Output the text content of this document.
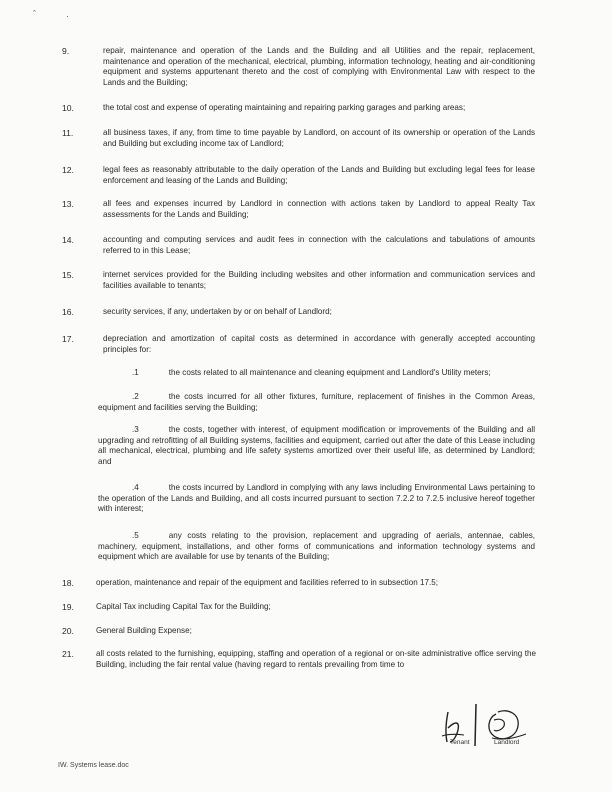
ˆ	·
9.	repair, maintenance and operation of the Lands and the Building and all Utilities and the repair, replacement, maintenance and operation of the mechanical, electrical, plumbing, information technology, heating and air-conditioning equipment and systems appurtenant thereto and the cost of complying with Environmental Law with respect to the Lands and the Building;
10.	the total cost and expense of operating maintaining and repairing parking garages and parking areas;
11.	all business taxes, if any, from time to time payable by Landlord, on account of its ownership or operation of the Lands and Building but excluding income tax of Landlord;
12.	legal fees as reasonably attributable to the daily operation of the Lands and Building but excluding legal fees for lease enforcement and leasing of the Lands and Building;
13.	all fees and expenses incurred by Landlord in connection with actions taken by Landlord to appeal Realty Tax assessments for the Lands and Building;
14.	accounting and computing services and audit fees in connection with the calculations and tabulations of amounts referred to in this Lease;
15.	internet services provided for the Building including websites and other information and communication services and facilities available to tenants;
16.	security services, if any, undertaken by or on behalf of Landlord;
17.	depreciation and amortization of capital costs as determined in accordance with generally accepted accounting principles for:
.1	the costs related to all maintenance and cleaning equipment and Landlord's Utility meters;
.2	the costs incurred for all other fixtures, furniture, replacement of finishes in the Common Areas, equipment and facilities serving the Building;
.3	the costs, together with interest, of equipment modification or improvements of the Building and all upgrading and retrofitting of all Building systems, facilities and equipment, carried out after the date of this Lease including all mechanical, electrical, plumbing and life safety systems amortized over their useful life, as determined by Landlord; and
.4	the costs incurred by Landlord in complying with any laws including Environmental Laws pertaining to the operation of the Lands and Building, and all costs incurred pursuant to section 7.2.2 to 7.2.5 inclusive hereof together with interest;
.5	any costs relating to the provision, replacement and upgrading of aerials, antennae, cables, machinery, equipment, installations, and other forms of communications and information technology systems and equipment which are available for use by tenants of the Building;
18.	operation, maintenance and repair of the equipment and facilities referred to in subsection 17.5;
19.	Capital Tax including Capital Tax for the Building;
20.	General Building Expense;
21.	all costs related to the furnishing, equipping, staffing and operation of a regional or on-site administrative office serving the Building, including the fair rental value (having regard to rentals prevailing from time to
Tenant	Landlord
IW. Systems lease.doc
